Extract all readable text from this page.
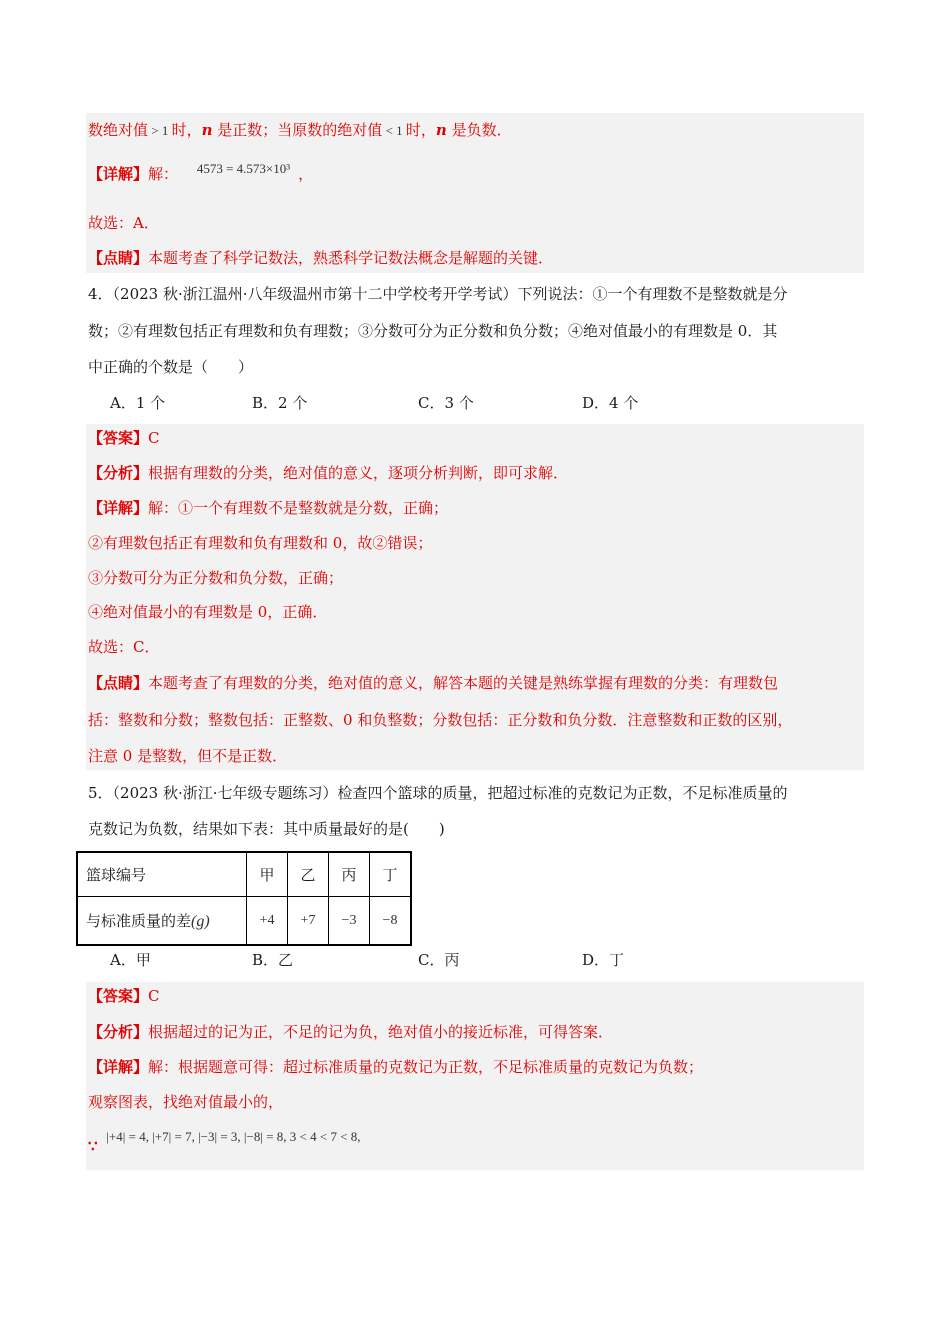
数绝对值 > 1 时，n 是正数；当原数的绝对值 < 1 时，n 是负数．
【详解】解： 4573 = 4.573×10³ ，
故选：A．
【点睛】本题考查了科学记数法，熟悉科学记数法概念是解题的关键．
4．（2023 秋·浙江温州·八年级温州市第十二中学校考开学考试）下列说法：①一个有理数不是整数就是分
数；②有理数包括正有理数和负有理数；③分数可分为正分数和负分数；④绝对值最小的有理数是 0．其
中正确的个数是（　　）
A．1 个	B．2 个	C．3 个	D．4 个
【答案】C
【分析】根据有理数的分类，绝对值的意义，逐项分析判断，即可求解．
【详解】解：①一个有理数不是整数就是分数，正确；
②有理数包括正有理数和负有理数和 0，故②错误；
③分数可分为正分数和负分数，正确；
④绝对值最小的有理数是 0，正确．
故选：C．
【点睛】本题考查了有理数的分类，绝对值的意义，解答本题的关键是熟练掌握有理数的分类：有理数包
括：整数和分数；整数包括：正整数、0 和负整数；分数包括：正分数和负分数．注意整数和正数的区别，
注意 0 是整数，但不是正数．
5．（2023 秋·浙江·七年级专题练习）检查四个篮球的质量，把超过标准的克数记为正数，不足标准质量的
克数记为负数，结果如下表：其中质量最好的是(　　)
篮球编号	甲	乙	丙	丁
与标准质量的差(g)	+4	+7	−3	−8
A．甲	B．乙	C．丙	D．丁
【答案】C
【分析】根据超过的记为正，不足的记为负，绝对值小的接近标准，可得答案．
【详解】解：根据题意可得：超过标准质量的克数记为正数，不足标准质量的克数记为负数；
观察图表，找绝对值最小的，
∵ |+4| = 4, |+7| = 7, |−3| = 3, |−8| = 8, 3 < 4 < 7 < 8,
